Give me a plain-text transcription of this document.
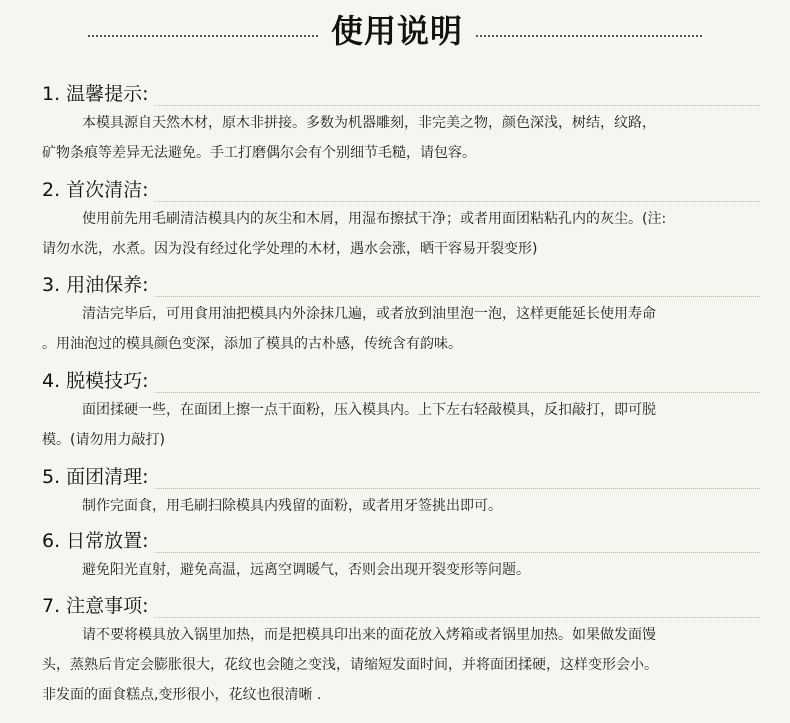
使用说明
1. 温馨提示:
本模具源自天然木材，原木非拼接。多数为机器雕刻，非完美之物，颜色深浅，树结，纹路，
矿物条痕等差异无法避免。手工打磨偶尔会有个别细节毛糙，请包容。
2. 首次清洁:
使用前先用毛刷清洁模具内的灰尘和木屑，用湿布擦拭干净；或者用面团粘粘孔内的灰尘。(注:
请勿水洗，水煮。因为没有经过化学处理的木材，遇水会涨，晒干容易开裂变形)
3. 用油保养:
清洁完毕后，可用食用油把模具内外涂抹几遍，或者放到油里泡一泡，这样更能延长使用寿命
。用油泡过的模具颜色变深，添加了模具的古朴感，传统含有韵味。
4. 脱模技巧:
面团揉硬一些，在面团上擦一点干面粉，压入模具内。上下左右轻敲模具，反扣敲打，即可脱
模。(请勿用力敲打)
5. 面团清理:
制作完面食，用毛刷扫除模具内残留的面粉，或者用牙签挑出即可。
6. 日常放置:
避免阳光直射，避免高温，远离空调暖气，否则会出现开裂变形等问题。
7. 注意事项:
请不要将模具放入锅里加热，而是把模具印出来的面花放入烤箱或者锅里加热。如果做发面馒
头，蒸熟后肯定会膨胀很大，花纹也会随之变浅，请缩短发面时间，并将面团揉硬，这样变形会小。
非发面的面食糕点,变形很小，花纹也很清晰 .
